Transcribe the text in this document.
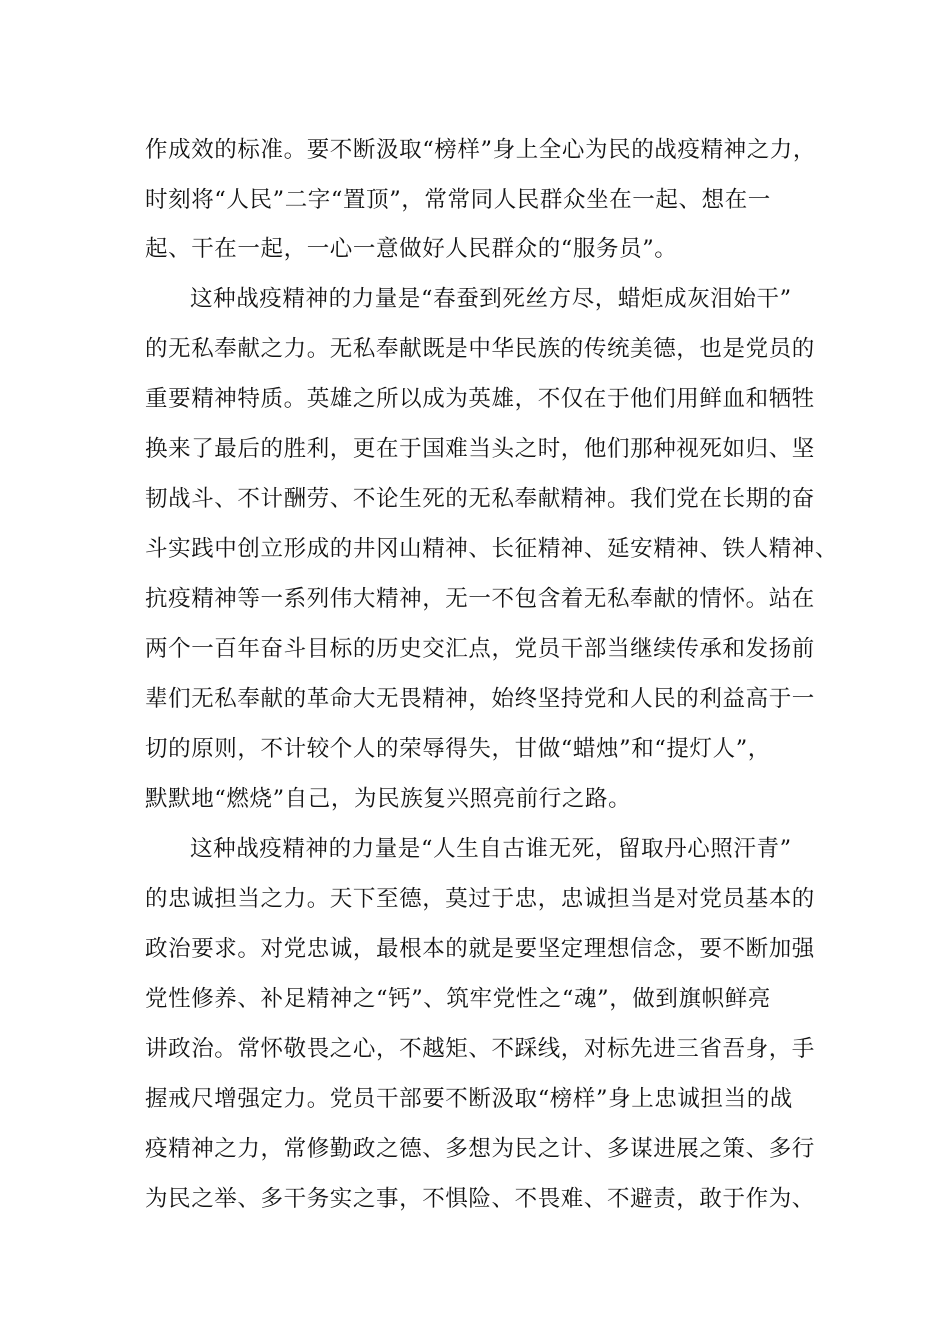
作成效的标准。要不断汲取“榜样”身上全心为民的战疫精神之力，
时刻将“人民”二字“置顶”，常常同人民群众坐在一起、想在一
起、干在一起，一心一意做好人民群众的“服务员”。
这种战疫精神的力量是“春蚕到死丝方尽，蜡炬成灰泪始干”
的无私奉献之力。无私奉献既是中华民族的传统美德，也是党员的
重要精神特质。英雄之所以成为英雄，不仅在于他们用鲜血和牺牲
换来了最后的胜利，更在于国难当头之时，他们那种视死如归、坚
韧战斗、不计酬劳、不论生死的无私奉献精神。我们党在长期的奋
斗实践中创立形成的井冈山精神、长征精神、延安精神、铁人精神、
抗疫精神等一系列伟大精神，无一不包含着无私奉献的情怀。站在
两个一百年奋斗目标的历史交汇点，党员干部当继续传承和发扬前
辈们无私奉献的革命大无畏精神，始终坚持党和人民的利益高于一
切的原则，不计较个人的荣辱得失，甘做“蜡烛”和“提灯人”，
默默地“燃烧”自己，为民族复兴照亮前行之路。
这种战疫精神的力量是“人生自古谁无死，留取丹心照汗青”
的忠诚担当之力。天下至德，莫过于忠，忠诚担当是对党员基本的
政治要求。对党忠诚，最根本的就是要坚定理想信念，要不断加强
党性修养、补足精神之“钙”、筑牢党性之“魂”，做到旗帜鲜亮
讲政治。常怀敬畏之心，不越矩、不踩线，对标先进三省吾身，手
握戒尺增强定力。党员干部要不断汲取“榜样”身上忠诚担当的战
疫精神之力，常修勤政之德、多想为民之计、多谋进展之策、多行
为民之举、多干务实之事，不惧险、不畏难、不避责，敢于作为、
